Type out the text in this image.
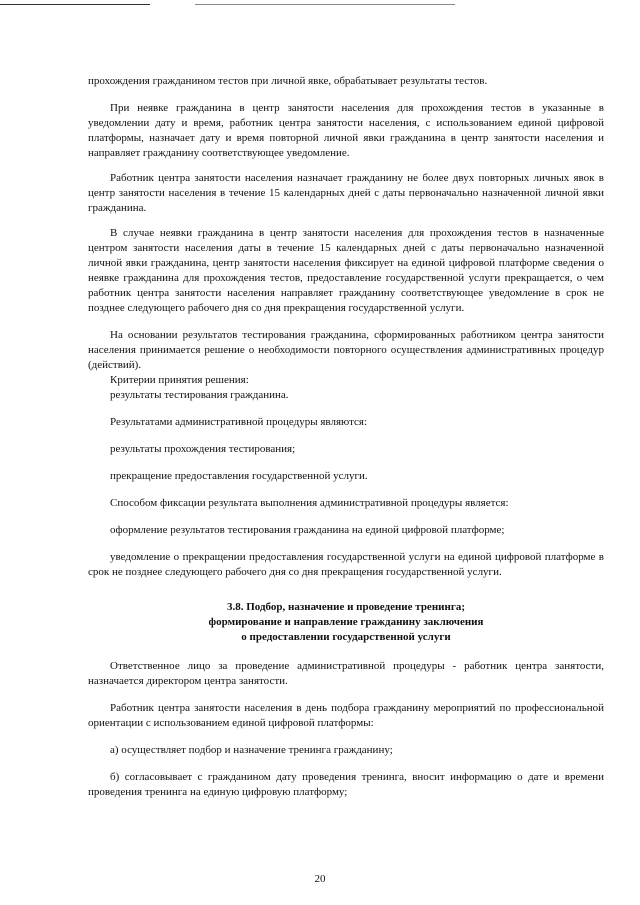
прохождения гражданином тестов при личной явке, обрабатывает результаты тестов.

При неявке гражданина в центр занятости населения для прохождения тестов в указанные в уведомлении дату и время, работник центра занятости населения, с использованием единой цифровой платформы, назначает дату и время повторной личной явки гражданина в центр занятости населения и направляет гражданину соответствующее уведомление.

Работник центра занятости населения назначает гражданину не более двух повторных личных явок в центр занятости населения в течение 15 календарных дней с даты первоначально назначенной личной явки гражданина.

В случае неявки гражданина в центр занятости населения для прохождения тестов в назначенные центром занятости населения даты в течение 15 календарных дней с даты первоначально назначенной личной явки гражданина, центр занятости населения фиксирует на единой цифровой платформе сведения о неявке гражданина для прохождения тестов, предоставление государственной услуги прекращается, о чем работник центра занятости населения направляет гражданину соответствующее уведомление в срок не позднее следующего рабочего дня со дня прекращения государственной услуги.

На основании результатов тестирования гражданина, сформированных работником центра занятости населения принимается решение о необходимости повторного осуществления административных процедур (действий).

Критерии принятия решения:

результаты тестирования гражданина.

Результатами административной процедуры являются:

результаты прохождения тестирования;

прекращение предоставления государственной услуги.

Способом фиксации результата выполнения административной процедуры является:

оформление результатов тестирования гражданина на единой цифровой платформе;

уведомление о прекращении предоставления государственной услуги на единой цифровой платформе в срок не позднее следующего рабочего дня со дня прекращения государственной услуги.

3.8. Подбор, назначение и проведение тренинга;
формирование и направление гражданину заключения
о предоставлении государственной услуги

Ответственное лицо за проведение административной процедуры - работник центра занятости, назначается директором центра занятости.

Работник центра занятости населения в день подбора гражданину мероприятий по профессиональной ориентации с использованием единой цифровой платформы:

а) осуществляет подбор и назначение тренинга гражданину;

б) согласовывает с гражданином дату проведения тренинга, вносит информацию о дате и времени проведения тренинга на единую цифровую платформу;

20
